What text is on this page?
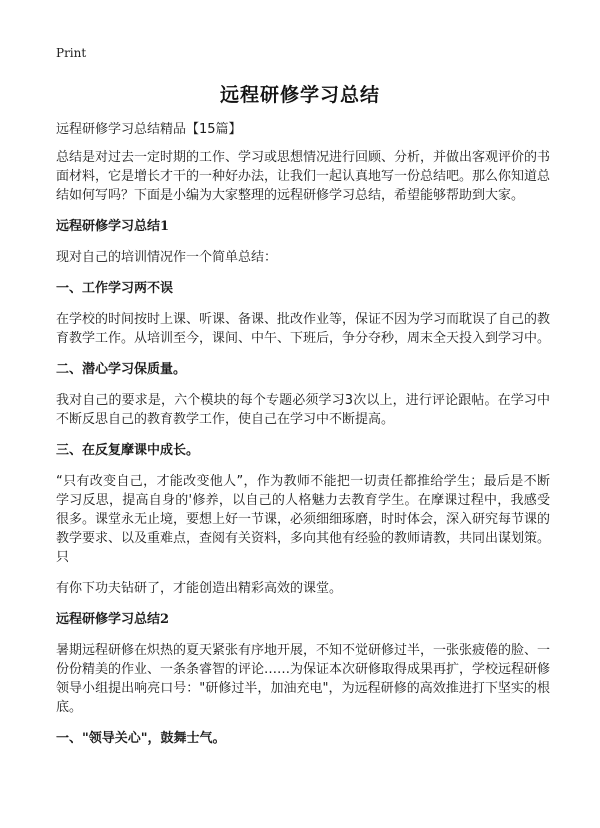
Print
远程研修学习总结
远程研修学习总结精品【15篇】

总结是对过去一定时期的工作、学习或思想情况进行回顾、分析，并做出客观评价的书面材料，它是增长才干的一种好办法，让我们一起认真地写一份总结吧。那么你知道总结如何写吗？下面是小编为大家整理的远程研修学习总结，希望能够帮助到大家。

远程研修学习总结1

现对自己的培训情况作一个简单总结：

一、工作学习两不误

在学校的时间按时上课、听课、备课、批改作业等，保证不因为学习而耽误了自己的教育教学工作。从培训至今，课间、中午、下班后，争分夺秒，周末全天投入到学习中。

二、潜心学习保质量。

我对自己的要求是，六个模块的每个专题必须学习3次以上，进行评论跟帖。在学习中不断反思自己的教育教学工作，使自己在学习中不断提高。

三、在反复摩课中成长。

“只有改变自己，才能改变他人”，作为教师不能把一切责任都推给学生；最后是不断学习反思，提高自身的'修养，以自己的人格魅力去教育学生。在摩课过程中，我感受很多。课堂永无止境，要想上好一节课，必须细细琢磨，时时体会，深入研究每节课的教学要求、以及重难点，查阅有关资料，多向其他有经验的教师请教，共同出谋划策。只

有你下功夫钻研了，才能创造出精彩高效的课堂。

远程研修学习总结2

暑期远程研修在炽热的夏天紧张有序地开展，不知不觉研修过半，一张张疲倦的脸、一份份精美的作业、一条条睿智的评论……为保证本次研修取得成果再扩，学校远程研修领导小组提出响亮口号："研修过半，加油充电"，为远程研修的高效推进打下坚实的根底。

一、"领导关心"，鼓舞士气。
